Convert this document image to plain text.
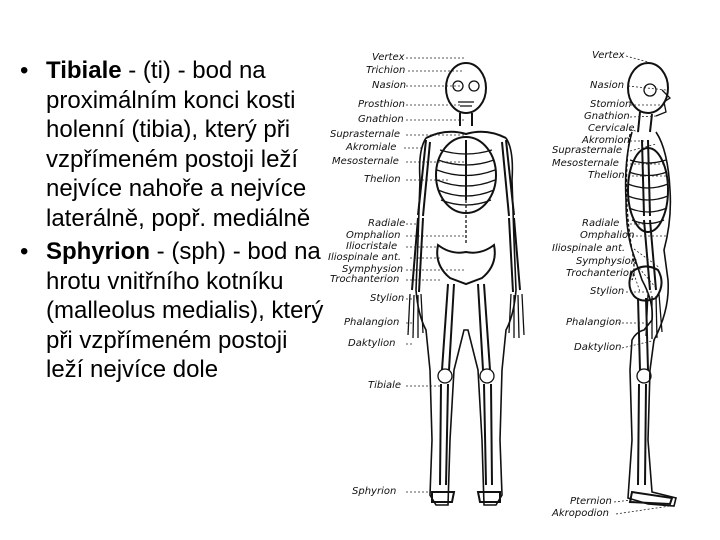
• Tibiale - (ti) - bod na proximálním konci kosti holenní (tibia), který při vzpřímeném postoji leží nejvíce nahoře a nejvíce laterálně, popř. mediálně
• Sphyrion - (sph) - bod na hrotu vnitřního kotníku (malleolus medialis), který při vzpřímeném postoji leží nejvíce dole
Vertex
Trichion
Nasion
Prosthion
Gnathion
Suprasternale
Akromiale
Mesosternale
Thelion
Radiale
Omphalion
Iliocristale
Iliospinale ant.
Symphysion
Trochanterion
Stylion
Phalangion
Daktylion
Tibiale
Sphyrion
Vertex
Nasion
Stomion
Gnathion
Cervicale
Akromion
Suprasternale
Mesosternale
Thelion
Radiale
Omphalion
Iliospinale ant.
Symphysion
Trochanterion
Stylion
Phalangion
Daktylion
Pternion
Akropodion
